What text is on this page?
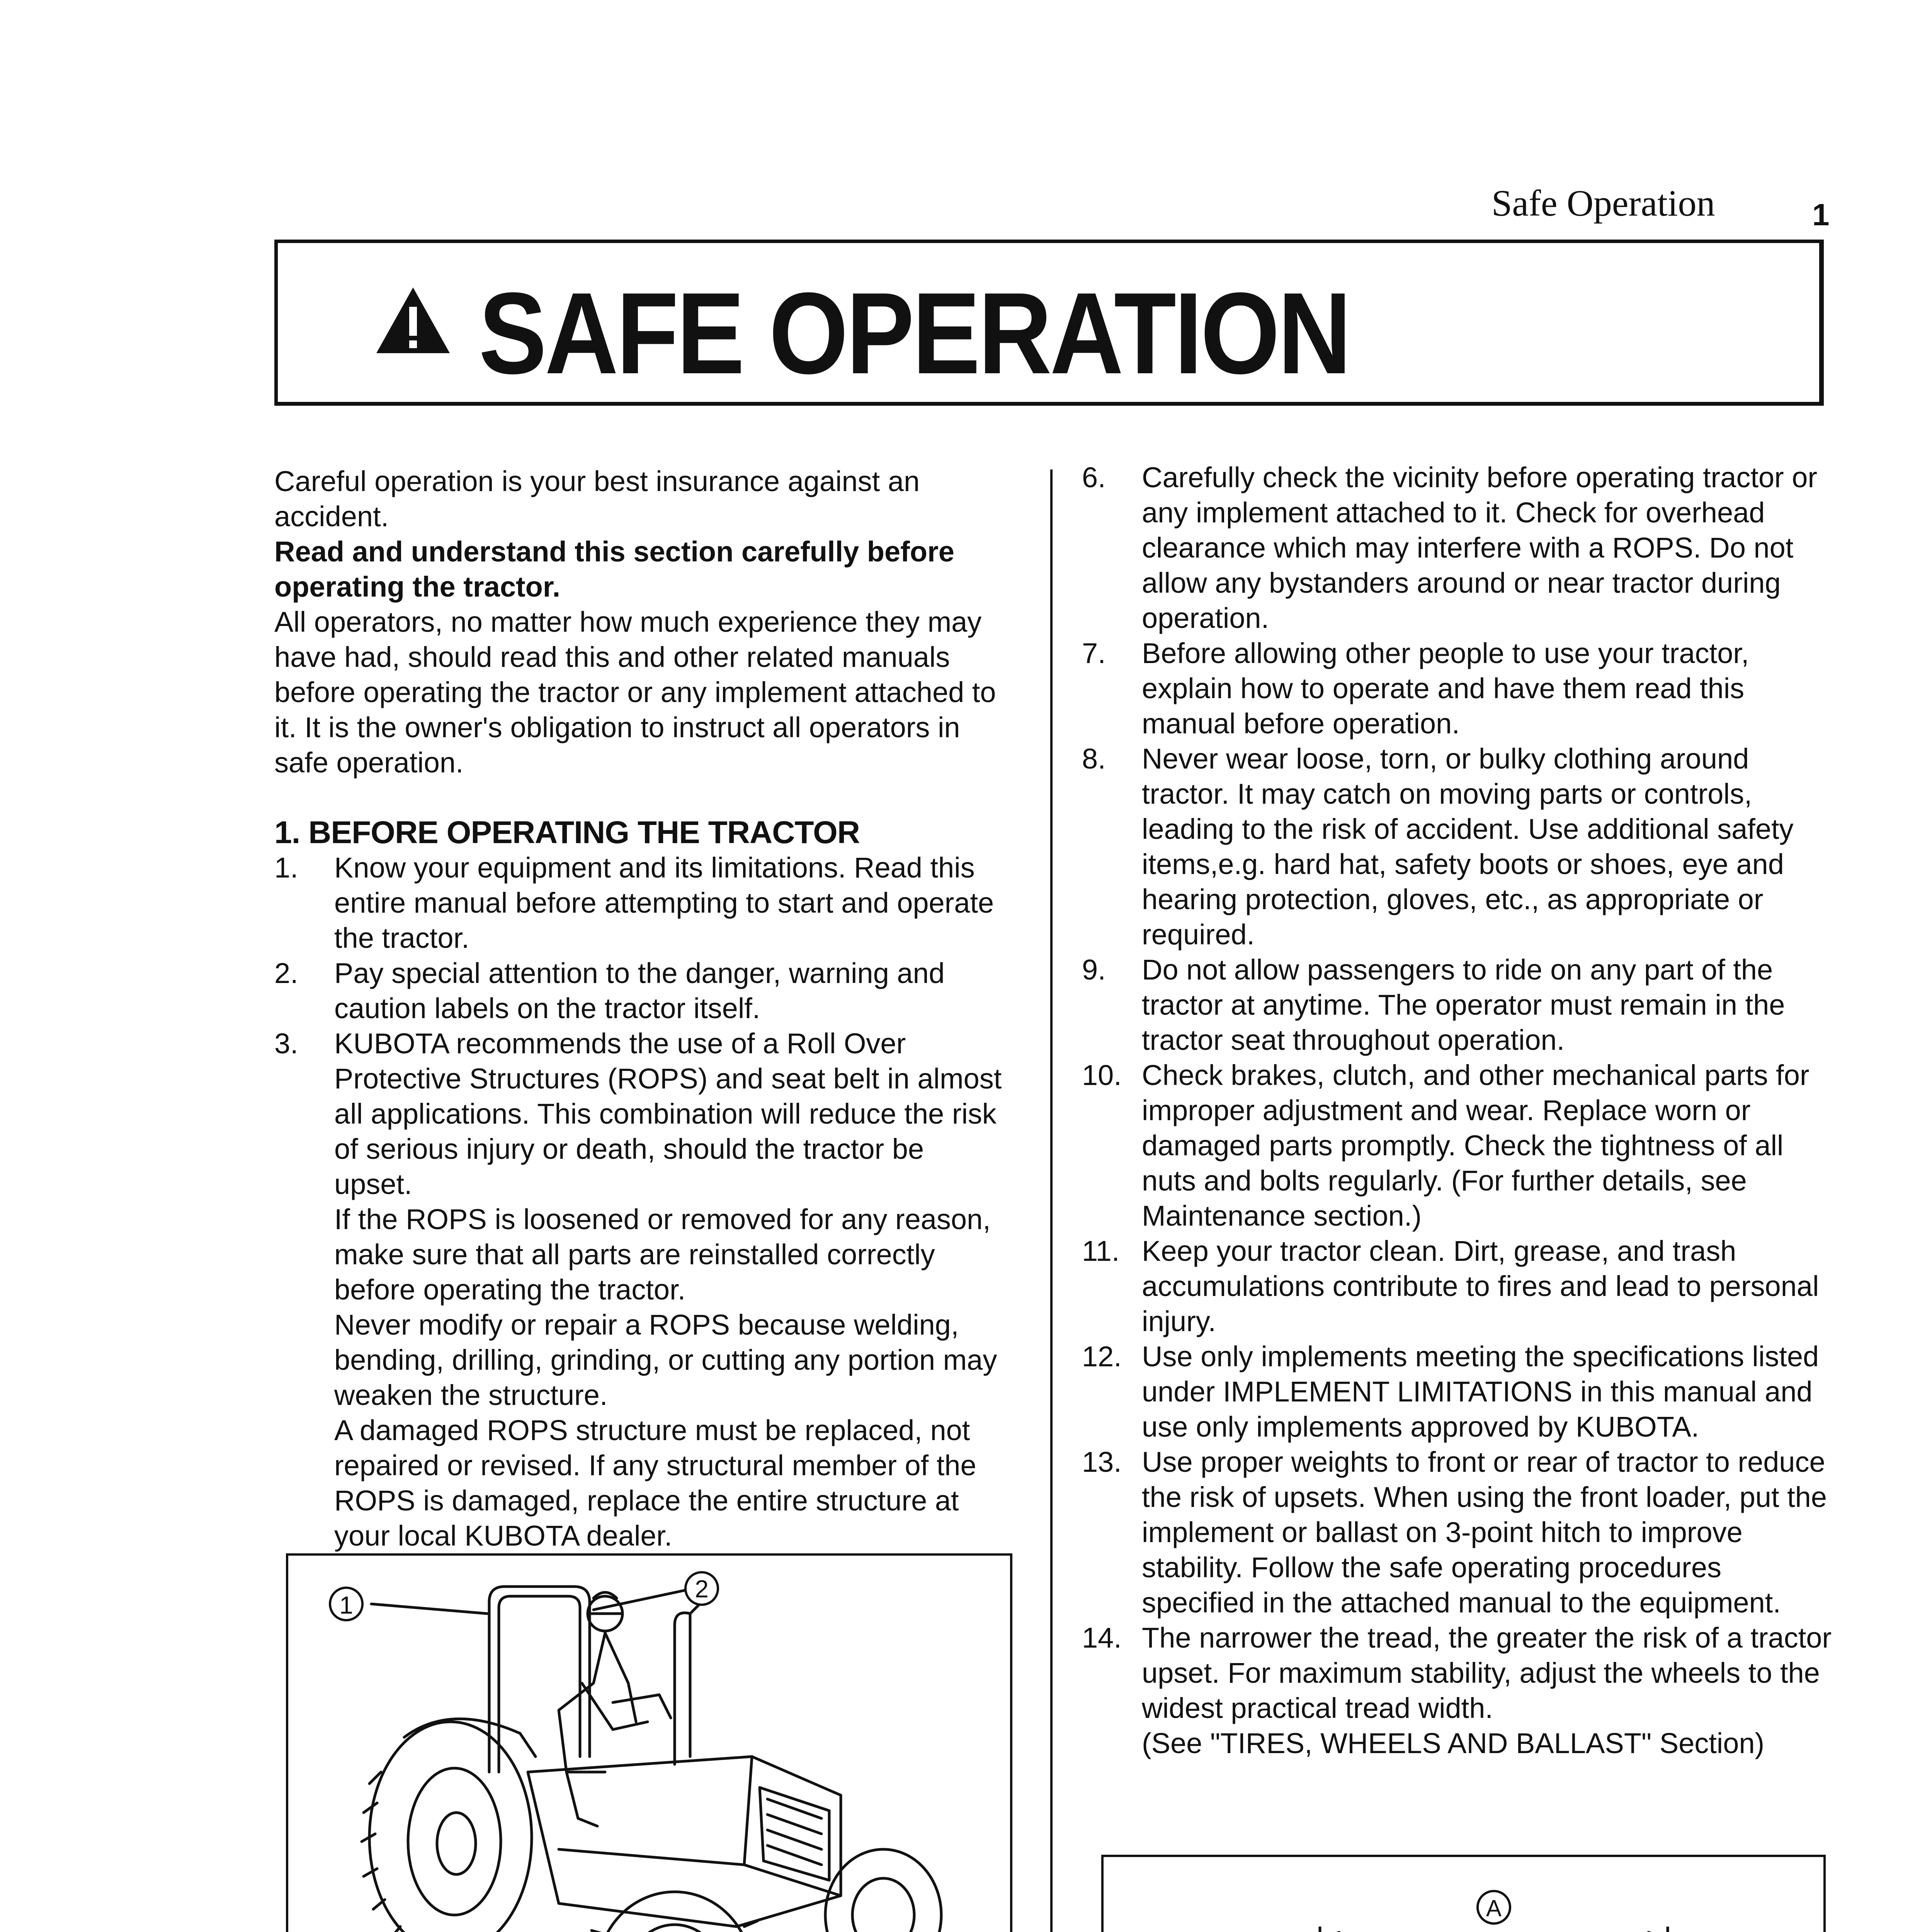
Safe Operation	1
SAFE OPERATION

Careful operation is your best insurance against an accident.

Read and understand this section carefully before operating the tractor.

All operators, no matter how much experience they may have had, should read this and other related manuals before operating the tractor or any implement attached to it. It is the owner's obligation to instruct all operators in safe operation.

1. BEFORE OPERATING THE TRACTOR

1. Know your equipment and its limitations. Read this entire manual before attempting to start and operate the tractor.
2. Pay special attention to the danger, warning and caution labels on the tractor itself.
3. KUBOTA recommends the use of a Roll Over Protective Structures (ROPS) and seat belt in almost all applications. This combination will reduce the risk of serious injury or death, should the tractor be upset.

If the ROPS is loosened or removed for any reason, make sure that all parts are reinstalled correctly before operating the tractor.

Never modify or repair a ROPS because welding, bending, drilling, grinding, or cutting any portion may weaken the structure.

A damaged ROPS structure must be replaced, not repaired or revised. If any structural member of the ROPS is damaged, replace the entire structure at your local KUBOTA dealer.

1
2

6. Carefully check the vicinity before operating tractor or any implement attached to it. Check for overhead clearance which may interfere with a ROPS. Do not allow any bystanders around or near tractor during operation.
7. Before allowing other people to use your tractor, explain how to operate and have them read this manual before operation.
8. Never wear loose, torn, or bulky clothing around tractor. It may catch on moving parts or controls, leading to the risk of accident. Use additional safety items,e.g. hard hat, safety boots or shoes, eye and hearing protection, gloves, etc., as appropriate or required.
9. Do not allow passengers to ride on any part of the tractor at anytime. The operator must remain in the tractor seat throughout operation.
10. Check brakes, clutch, and other mechanical parts for improper adjustment and wear. Replace worn or damaged parts promptly. Check the tightness of all nuts and bolts regularly. (For further details, see Maintenance section.)
11. Keep your tractor clean. Dirt, grease, and trash accumulations contribute to fires and lead to personal injury.
12. Use only implements meeting the specifications listed under IMPLEMENT LIMITATIONS in this manual and use only implements approved by KUBOTA.
13. Use proper weights to front or rear of tractor to reduce the risk of upsets. When using the front loader, put the implement or ballast on 3-point hitch to improve stability. Follow the safe operating procedures specified in the attached manual to the equipment.
14. The narrower the tread, the greater the risk of a tractor upset. For maximum stability, adjust the wheels to the widest practical tread width.

(See "TIRES, WHEELS AND BALLAST" Section)

A
